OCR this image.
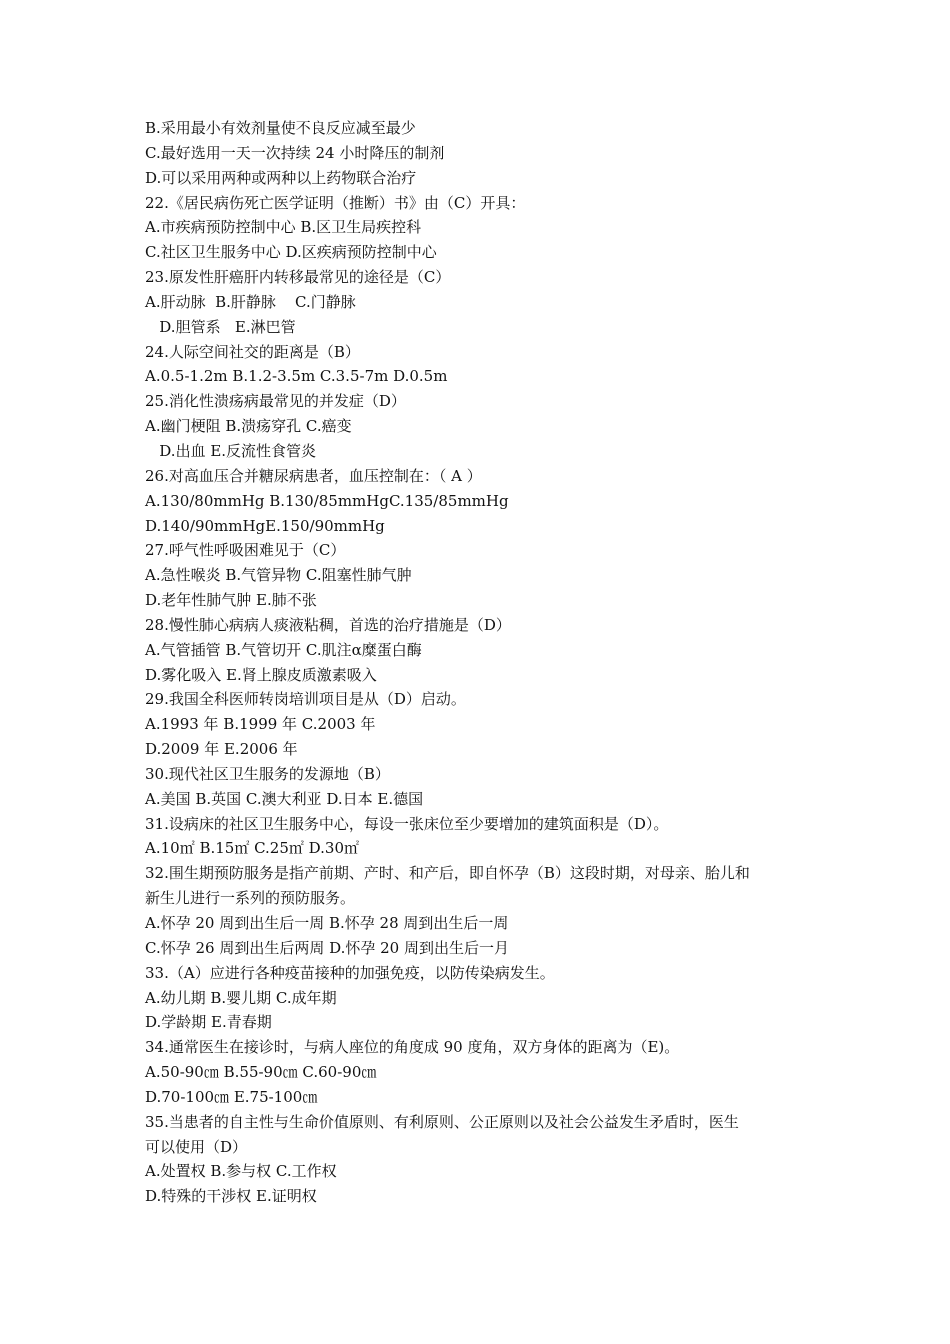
B.采用最小有效剂量使不良反应减至最少
C.最好选用一天一次持续 24 小时降压的制剂
D.可以采用两种或两种以上药物联合治疗
22.《居民病伤死亡医学证明（推断）书》由（C）开具：
A.市疾病预防控制中心 B.区卫生局疾控科
C.社区卫生服务中心 D.区疾病预防控制中心
23.原发性肝癌肝内转移最常见的途径是（C）
A.肝动脉  B.肝静脉    C.门静脉
D.胆管系   E.淋巴管
24.人际空间社交的距离是（B）
A.0.5-1.2m B.1.2-3.5m C.3.5-7m D.0.5m
25.消化性溃疡病最常见的并发症（D）
A.幽门梗阻 B.溃疡穿孔 C.癌变
D.出血 E.反流性食管炎
26.对高血压合并糖尿病患者，血压控制在：（ A ）
A.130/80mmHg B.130/85mmHgC.135/85mmHg
D.140/90mmHgE.150/90mmHg
27.呼气性呼吸困难见于（C）
A.急性喉炎 B.气管异物 C.阻塞性肺气肿
D.老年性肺气肿 E.肺不张
28.慢性肺心病病人痰液粘稠，首选的治疗措施是（D）
A.气管插管 B.气管切开 C.肌注α糜蛋白酶
D.雾化吸入 E.肾上腺皮质激素吸入
29.我国全科医师转岗培训项目是从（D）启动。
A.1993 年 B.1999 年 C.2003 年
D.2009 年 E.2006 年
30.现代社区卫生服务的发源地（B）
A.美国 B.英国 C.澳大利亚 D.日本 E.德国
31.设病床的社区卫生服务中心，每设一张床位至少要增加的建筑面积是（D）。
A.10㎡ B.15㎡ C.25㎡ D.30㎡
32.围生期预防服务是指产前期、产时、和产后，即自怀孕（B）这段时期，对母亲、胎儿和
新生儿进行一系列的预防服务。
A.怀孕 20 周到出生后一周 B.怀孕 28 周到出生后一周
C.怀孕 26 周到出生后两周 D.怀孕 20 周到出生后一月
33.（A）应进行各种疫苗接种的加强免疫，以防传染病发生。
A.幼儿期 B.婴儿期 C.成年期
D.学龄期 E.青春期
34.通常医生在接诊时，与病人座位的角度成 90 度角，双方身体的距离为（E)。
A.50-90㎝ B.55-90㎝ C.60-90㎝
D.70-100㎝ E.75-100㎝
35.当患者的自主性与生命价值原则、有利原则、公正原则以及社会公益发生矛盾时，医生
可以使用（D）
A.处置权 B.参与权 C.工作权
D.特殊的干涉权 E.证明权
